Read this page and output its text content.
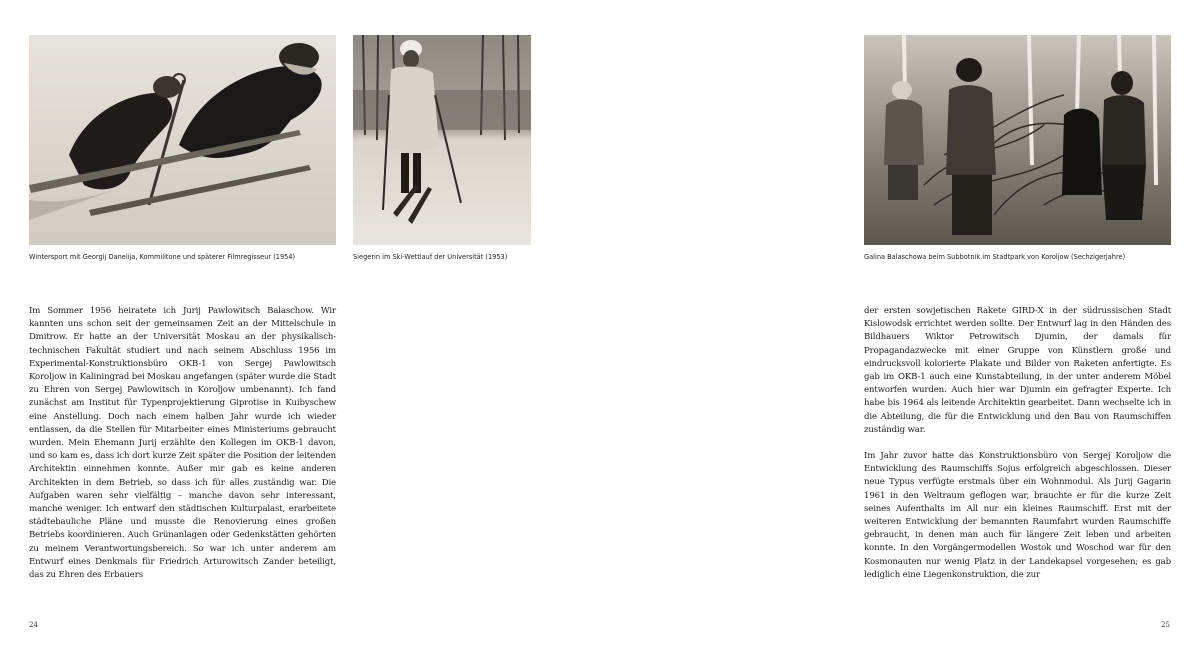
Wintersport mit Georgij Danelija, Kommilitone und späterer Filmregisseur (1954)	Siegerin im Ski-Wettlauf der Universität (1953)

Im Sommer 1956 heiratete ich Jurij Pawlowitsch Balaschow. Wir kannten uns schon seit der gemeinsamen Zeit an der Mittelschule in Dmitrow. Er hatte an der Universität Moskau an der physikalisch-technischen Fakultät studiert und nach seinem Abschluss 1956 im Experimental-Konstruktionsbüro OKB-1 von Sergej Pawlowitsch Koroljow in Kaliningrad bei Moskau angefangen (später wurde die Stadt zu Ehren von Sergej Pawlowitsch in Koroljow umbenannt). Ich fand zunächst am Institut für Typenprojektierung Giprotise in Kuibyschew eine Anstellung. Doch nach einem halben Jahr wurde ich wieder entlassen, da die Stellen für Mitarbeiter eines Ministeriums gebraucht wurden. Mein Ehemann Jurij erzählte den Kollegen im OKB-1 davon, und so kam es, dass ich dort kurze Zeit später die Position der leitenden Architektin einnehmen konnte. Außer mir gab es keine anderen Architekten in dem Betrieb, so dass ich für alles zuständig war. Die Aufgaben waren sehr vielfältig – manche davon sehr interessant, manche weniger. Ich entwarf den städtischen Kulturpalast, erarbeitete städtebauliche Pläne und musste die Renovierung eines großen Betriebs koordinieren. Auch Grünanlagen oder Gedenkstätten gehörten zu meinem Verantwortungsbereich. So war ich unter anderem am Entwurf eines Denkmals für Friedrich Arturowitsch Zander beteiligt, das zu Ehren des Erbauers

24
Galina Balaschowa beim Subbotnik im Stadtpark von Koroljow (Sechzigerjahre)

der ersten sowjetischen Rakete GIRD-X in der südrussischen Stadt Kislowodsk errichtet werden sollte. Der Entwurf lag in den Händen des Bildhauers Wiktor Petrowitsch Djumin, der damals für Propagandazwecke mit einer Gruppe von Künstlern große und eindrucksvoll kolorierte Plakate und Bilder von Raketen anfertigte. Es gab im OKB-1 auch eine Kunstabteilung, in der unter anderem Möbel entworfen wurden. Auch hier war Djumin ein gefragter Experte. Ich habe bis 1964 als leitende Architektin gearbeitet. Dann wechselte ich in die Abteilung, die für die Entwicklung und den Bau von Raumschiffen zuständig war.

Im Jahr zuvor hatte das Konstruktionsbüro von Sergej Koroljow die Entwicklung des Raumschiffs Sojus erfolgreich abgeschlossen. Dieser neue Typus verfügte erstmals über ein Wohnmodul. Als Jurij Gagarin 1961 in den Weltraum geflogen war, brauchte er für die kurze Zeit seines Aufenthalts im All nur ein kleines Raumschiff. Erst mit der weiteren Entwicklung der bemannten Raumfahrt wurden Raumschiffe gebraucht, in denen man auch für längere Zeit leben und arbeiten konnte. In den Vorgängermodellen Wostok und Woschod war für den Kosmonauten nur wenig Platz in der Landekapsel vorgesehen; es gab lediglich eine Liegenkonstruktion, die zur

25
